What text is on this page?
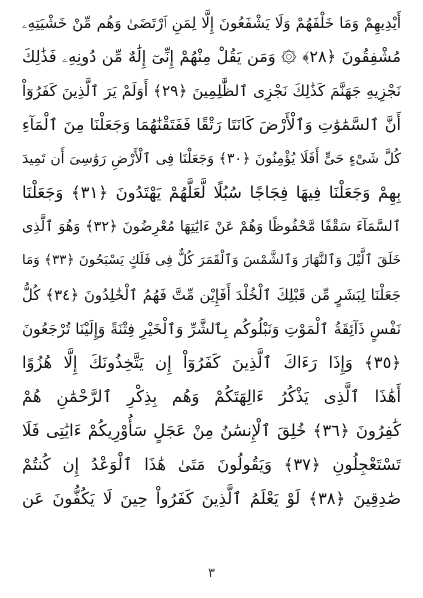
أَيْدِيهِمْ وَمَا خَلْفَهُمْ وَلَا يَشْفَعُونَ إِلَّا لِمَنِ ٱرْتَضَىٰ وَهُم مِّنْ خَشْيَتِهِۦ
مُشْفِقُونَ ﴿٢٨﴾ ۞ وَمَن يَقُلْ مِنْهُمْ إِنِّىٓ إِلَٰهٌ مِّن دُونِهِۦ فَذَٰلِكَ
نَجْزِيهِ جَهَنَّمَ كَذَٰلِكَ نَجْزِى ٱلظَّٰلِمِينَ ﴿٢٩﴾ أَوَلَمْ يَرَ ٱلَّذِينَ كَفَرُوٓاْ
أَنَّ ٱلسَّمَٰوَٰتِ وَٱلْأَرْضَ كَانَتَا رَتْقًا فَفَتَقْنَٰهُمَا وَجَعَلْنَا مِنَ ٱلْمَآءِ
كُلَّ شَىْءٍ حَىٍّ أَفَلَا يُؤْمِنُونَ ﴿٣٠﴾ وَجَعَلْنَا فِى ٱلْأَرْضِ رَوَٰسِىَ أَن تَمِيدَ
بِهِمْ وَجَعَلْنَا فِيهَا فِجَاجًا سُبُلًا لَّعَلَّهُمْ يَهْتَدُونَ ﴿٣١﴾ وَجَعَلْنَا
ٱلسَّمَآءَ سَقْفًا مَّحْفُوظًا وَهُمْ عَنْ ءَايَٰتِهَا مُعْرِضُونَ ﴿٣٢﴾ وَهُوَ ٱلَّذِى
خَلَقَ ٱلَّيْلَ وَٱلنَّهَارَ وَٱلشَّمْسَ وَٱلْقَمَرَ كُلٌّ فِى فَلَكٍ يَسْبَحُونَ ﴿٣٣﴾ وَمَا
جَعَلْنَا لِبَشَرٍ مِّن قَبْلِكَ ٱلْخُلْدَ أَفَإِيْن مِّتَّ فَهُمُ ٱلْخَٰلِدُونَ ﴿٣٤﴾ كُلُّ
نَفْسٍ ذَآئِقَةُ ٱلْمَوْتِ وَنَبْلُوكُم بِٱلشَّرِّ وَٱلْخَيْرِ فِتْنَةً وَإِلَيْنَا تُرْجَعُونَ
﴿٣٥﴾ وَإِذَا رَءَاكَ ٱلَّذِينَ كَفَرُوٓاْ إِن يَتَّخِذُونَكَ إِلَّا هُزُوًا
أَهَٰذَا ٱلَّذِى يَذْكُرُ ءَالِهَتَكُمْ وَهُم بِذِكْرِ ٱلرَّحْمَٰنِ هُمْ
كَٰفِرُونَ ﴿٣٦﴾ خُلِقَ ٱلْإِنسَٰنُ مِنْ عَجَلٍ سَأُوْرِيكُمْ ءَايَٰتِى فَلَا
تَسْتَعْجِلُونِ ﴿٣٧﴾ وَيَقُولُونَ مَتَىٰ هَٰذَا ٱلْوَعْدُ إِن كُنتُمْ
صَٰدِقِينَ ﴿٣٨﴾ لَوْ يَعْلَمُ ٱلَّذِينَ كَفَرُواْ حِينَ لَا يَكُفُّونَ عَن
٣
